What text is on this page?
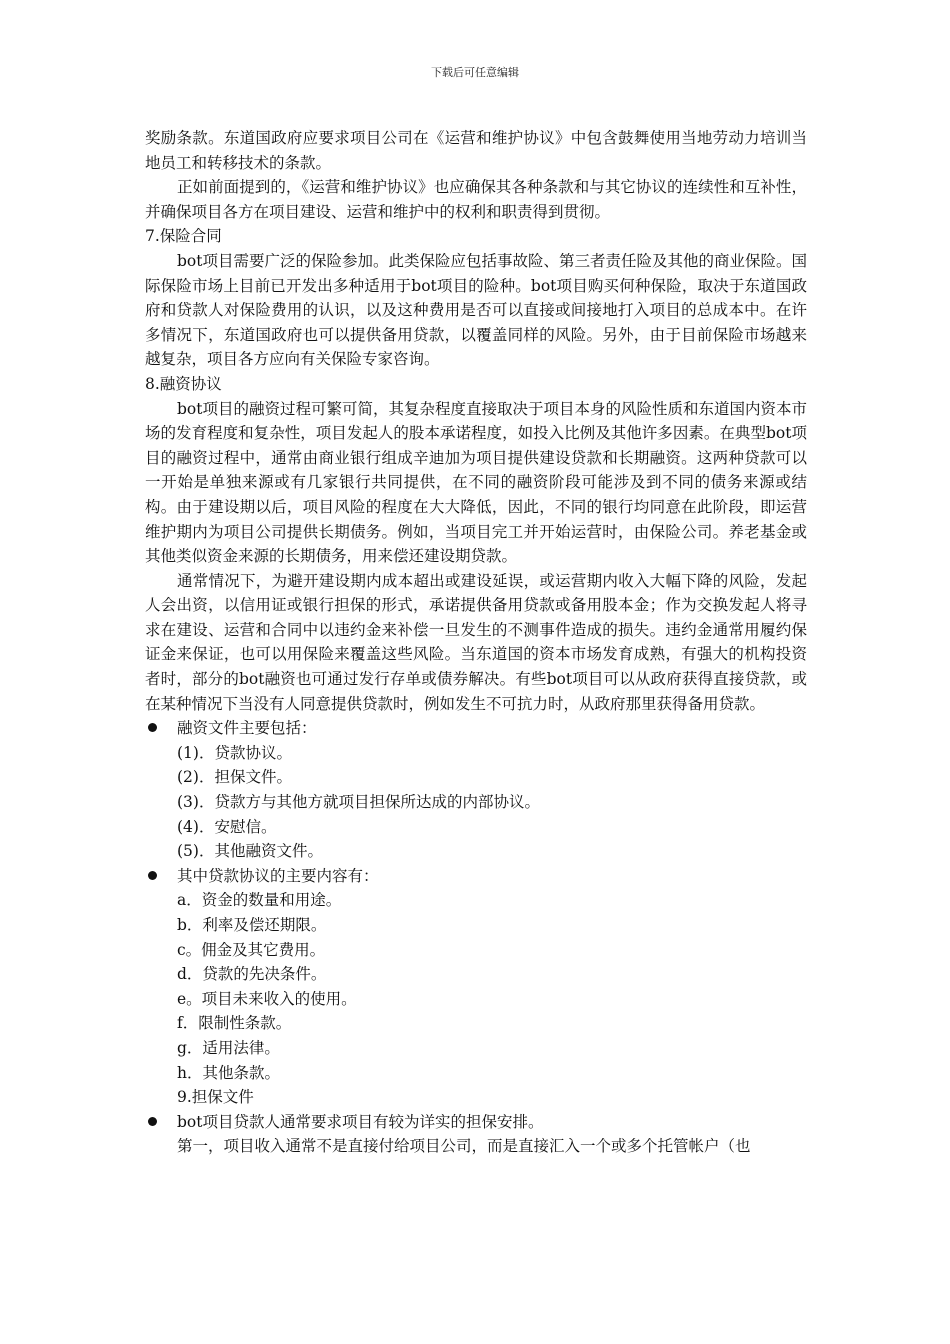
下载后可任意编辑

奖励条款。东道国政府应要求项目公司在《运营和维护协议》中包含鼓舞使用当地劳动力培训当地员工和转移技术的条款。

正如前面提到的，《运营和维护协议》也应确保其各种条款和与其它协议的连续性和互补性，并确保项目各方在项目建设、运营和维护中的权利和职责得到贯彻。

7.保险合同

bot项目需要广泛的保险参加。此类保险应包括事故险、第三者责任险及其他的商业保险。国际保险市场上目前已开发出多种适用于bot项目的险种。bot项目购买何种保险，取决于东道国政府和贷款人对保险费用的认识，以及这种费用是否可以直接或间接地打入项目的总成本中。在许多情况下，东道国政府也可以提供备用贷款，以覆盖同样的风险。另外，由于目前保险市场越来越复杂，项目各方应向有关保险专家咨询。

8.融资协议

bot项目的融资过程可繁可简，其复杂程度直接取决于项目本身的风险性质和东道国内资本市场的发育程度和复杂性，项目发起人的股本承诺程度，如投入比例及其他许多因素。在典型bot项目的融资过程中，通常由商业银行组成辛迪加为项目提供建设贷款和长期融资。这两种贷款可以一开始是单独来源或有几家银行共同提供，在不同的融资阶段可能涉及到不同的债务来源或结构。由于建设期以后，项目风险的程度在大大降低，因此，不同的银行均同意在此阶段，即运营维护期内为项目公司提供长期债务。例如，当项目完工并开始运营时，由保险公司。养老基金或其他类似资金来源的长期债务，用来偿还建设期贷款。

通常情况下，为避开建设期内成本超出或建设延误，或运营期内收入大幅下降的风险，发起人会出资，以信用证或银行担保的形式，承诺提供备用贷款或备用股本金；作为交换发起人将寻求在建设、运营和合同中以违约金来补偿一旦发生的不测事件造成的损失。违约金通常用履约保证金来保证，也可以用保险来覆盖这些风险。当东道国的资本市场发育成熟，有强大的机构投资者时，部分的bot融资也可通过发行存单或债券解决。有些bot项目可以从政府获得直接贷款，或在某种情况下当没有人同意提供贷款时，例如发生不可抗力时，从政府那里获得备用贷款。

融资文件主要包括：

(1)．贷款协议。

(2)．担保文件。

(3)．贷款方与其他方就项目担保所达成的内部协议。

(4)．安慰信。

(5)．其他融资文件。

其中贷款协议的主要内容有：

a．资金的数量和用途。

b．利率及偿还期限。

c。佣金及其它费用。

d．贷款的先决条件。

e。项目未来收入的使用。

f．限制性条款。

g．适用法律。

h．其他条款。

9.担保文件

bot项目贷款人通常要求项目有较为详实的担保安排。

第一，项目收入通常不是直接付给项目公司，而是直接汇入一个或多个托管帐户（也
